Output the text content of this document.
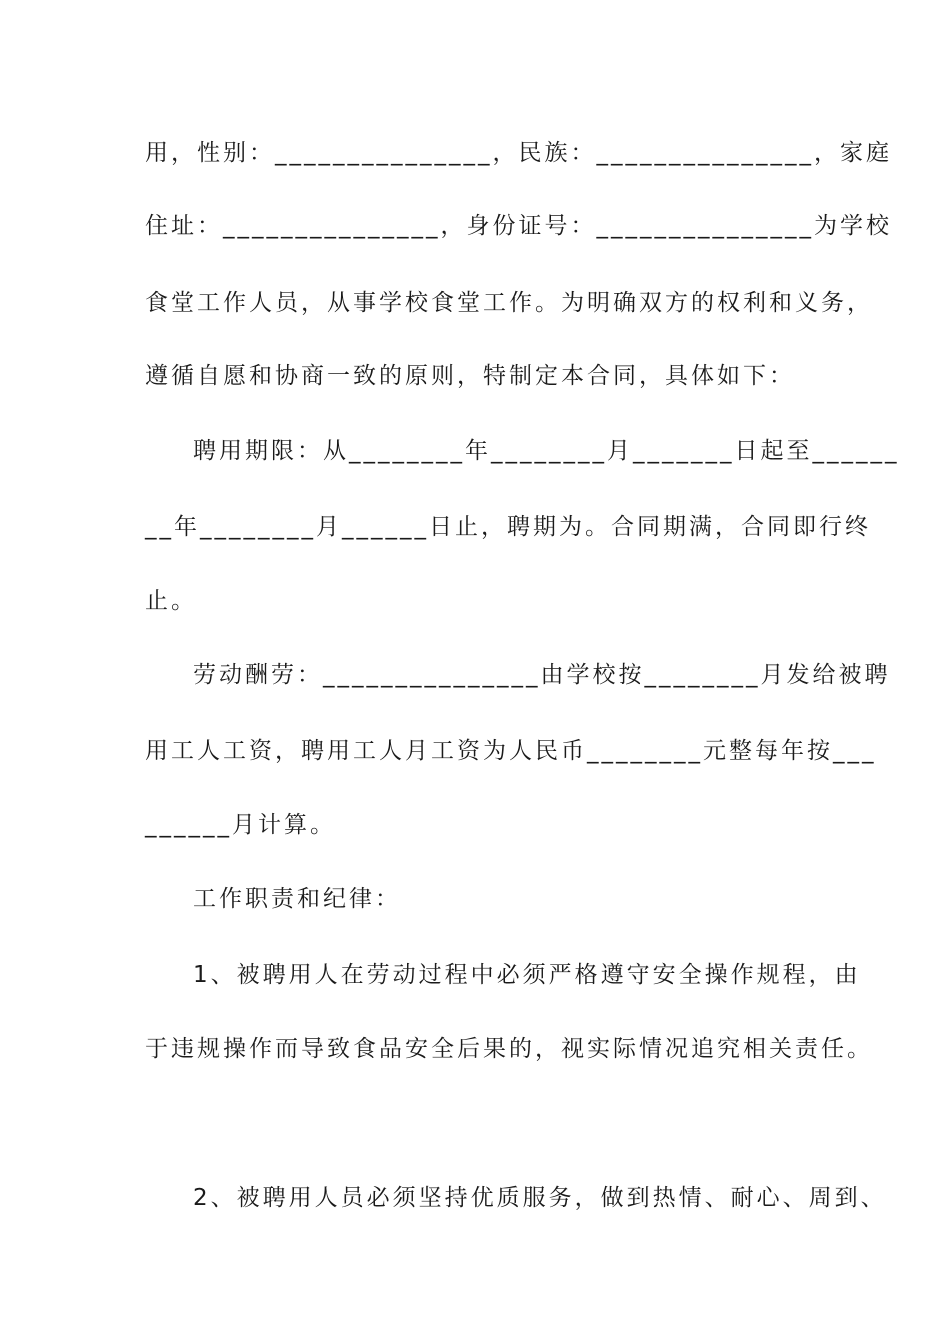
用，性别：_______________，民族：_______________，家庭
住址：_______________，身份证号：_______________为学校
食堂工作人员，从事学校食堂工作。为明确双方的权利和义务，
遵循自愿和协商一致的原则，特制定本合同，具体如下：
聘用期限：从________年________月_______日起至______
__年________月______日止，聘期为。合同期满，合同即行终
止。
劳动酬劳：_______________由学校按________月发给被聘
用工人工资，聘用工人月工资为人民币________元整每年按___
______月计算。
工作职责和纪律：
1、被聘用人在劳动过程中必须严格遵守安全操作规程，由
于违规操作而导致食品安全后果的，视实际情况追究相关责任。
2、被聘用人员必须坚持优质服务，做到热情、耐心、周到、
